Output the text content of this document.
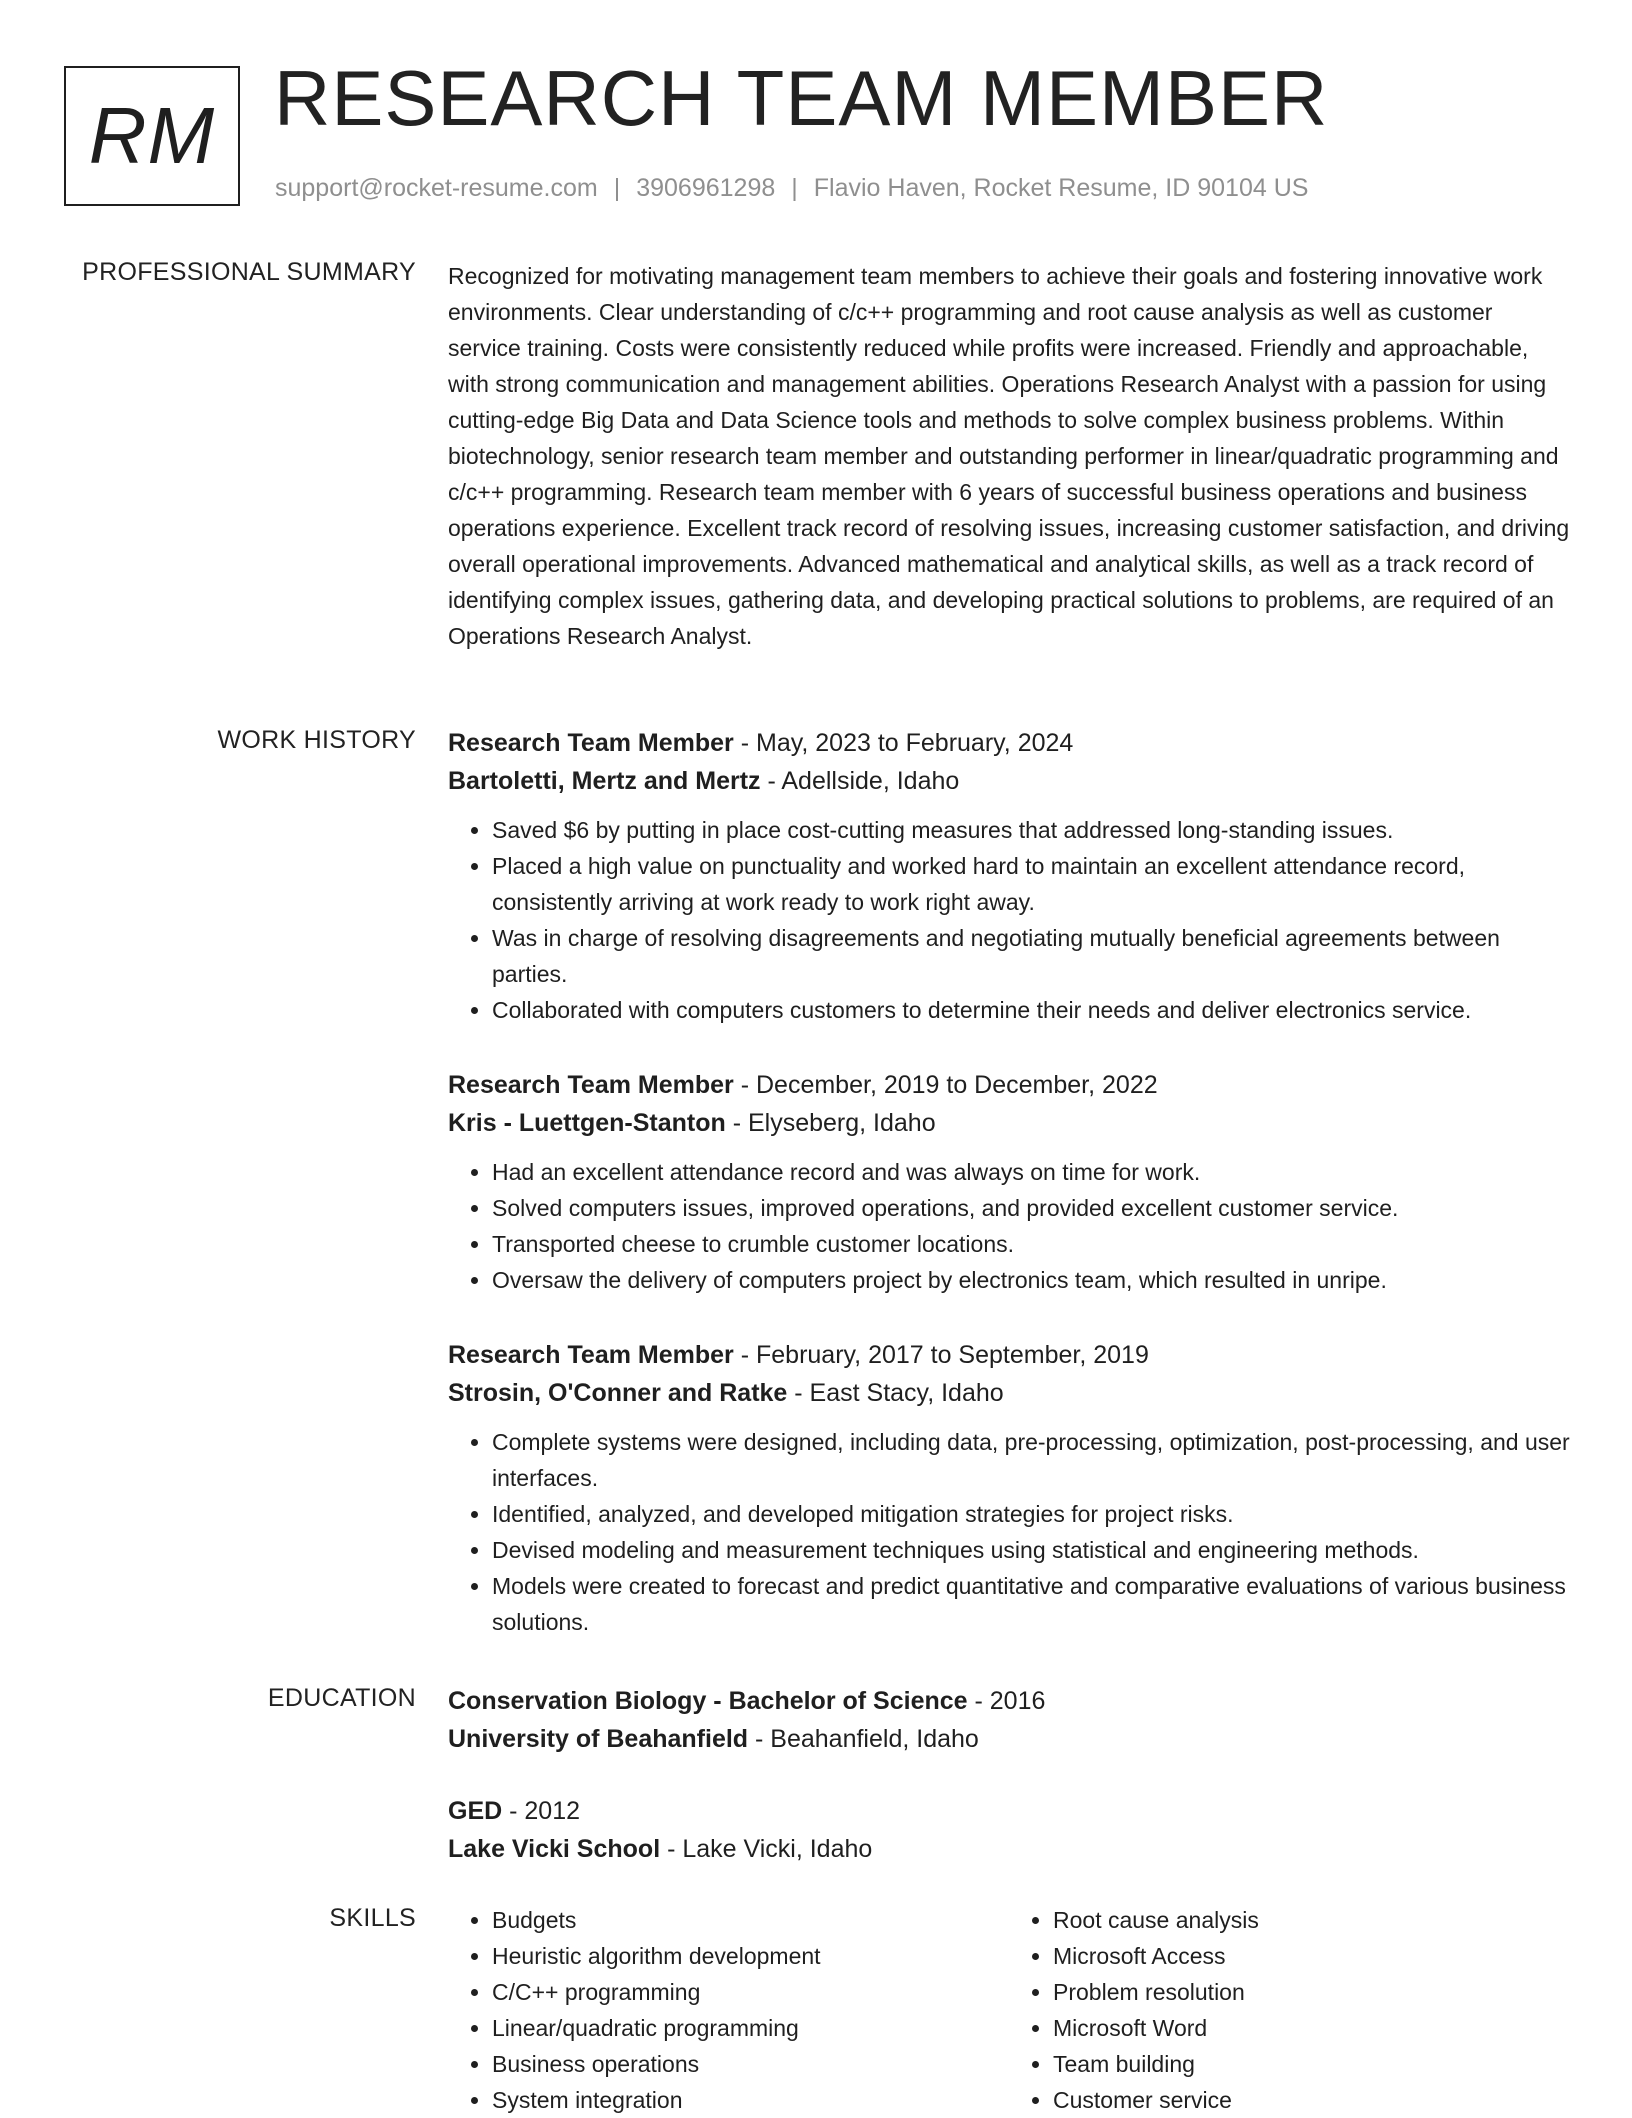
RM RESEARCH TEAM MEMBER
support@rocket-resume.com | 3906961298 | Flavio Haven, Rocket Resume, ID 90104 US
PROFESSIONAL SUMMARY Recognized for motivating management team members to achieve their goals and fostering innovative work environments. Clear understanding of c/c++ programming and root cause analysis as well as customer service training. Costs were consistently reduced while profits were increased. Friendly and approachable, with strong communication and management abilities. Operations Research Analyst with a passion for using cutting-edge Big Data and Data Science tools and methods to solve complex business problems. Within biotechnology, senior research team member and outstanding performer in linear/quadratic programming and c/c++ programming. Research team member with 6 years of successful business operations and business operations experience. Excellent track record of resolving issues, increasing customer satisfaction, and driving overall operational improvements. Advanced mathematical and analytical skills, as well as a track record of identifying complex issues, gathering data, and developing practical solutions to problems, are required of an Operations Research Analyst.

WORK HISTORY Research Team Member - May, 2023 to February, 2024
Bartoletti, Mertz and Mertz - Adellside, Idaho
• Saved $6 by putting in place cost-cutting measures that addressed long-standing issues.
• Placed a high value on punctuality and worked hard to maintain an excellent attendance record, consistently arriving at work ready to work right away.
• Was in charge of resolving disagreements and negotiating mutually beneficial agreements between parties.
• Collaborated with computers customers to determine their needs and deliver electronics service.
Research Team Member - December, 2019 to December, 2022
Kris - Luettgen-Stanton - Elyseberg, Idaho
• Had an excellent attendance record and was always on time for work.
• Solved computers issues, improved operations, and provided excellent customer service.
• Transported cheese to crumble customer locations.
• Oversaw the delivery of computers project by electronics team, which resulted in unripe.
Research Team Member - February, 2017 to September, 2019
Strosin, O'Conner and Ratke - East Stacy, Idaho
• Complete systems were designed, including data, pre-processing, optimization, post-processing, and user interfaces.
• Identified, analyzed, and developed mitigation strategies for project risks.
• Devised modeling and measurement techniques using statistical and engineering methods.
• Models were created to forecast and predict quantitative and comparative evaluations of various business solutions.
EDUCATION Conservation Biology - Bachelor of Science - 2016
University of Beahanfield - Beahanfield, Idaho
GED - 2012
Lake Vicki School - Lake Vicki, Idaho
SKILLS
•	Budgets
• Heuristic algorithm development
• C/C++ programming
• Linear/quadratic programming
• Business operations
• System integration
• Root cause analysis
• Microsoft Access
• Problem resolution
• Microsoft Word
• Team building
• Customer service
